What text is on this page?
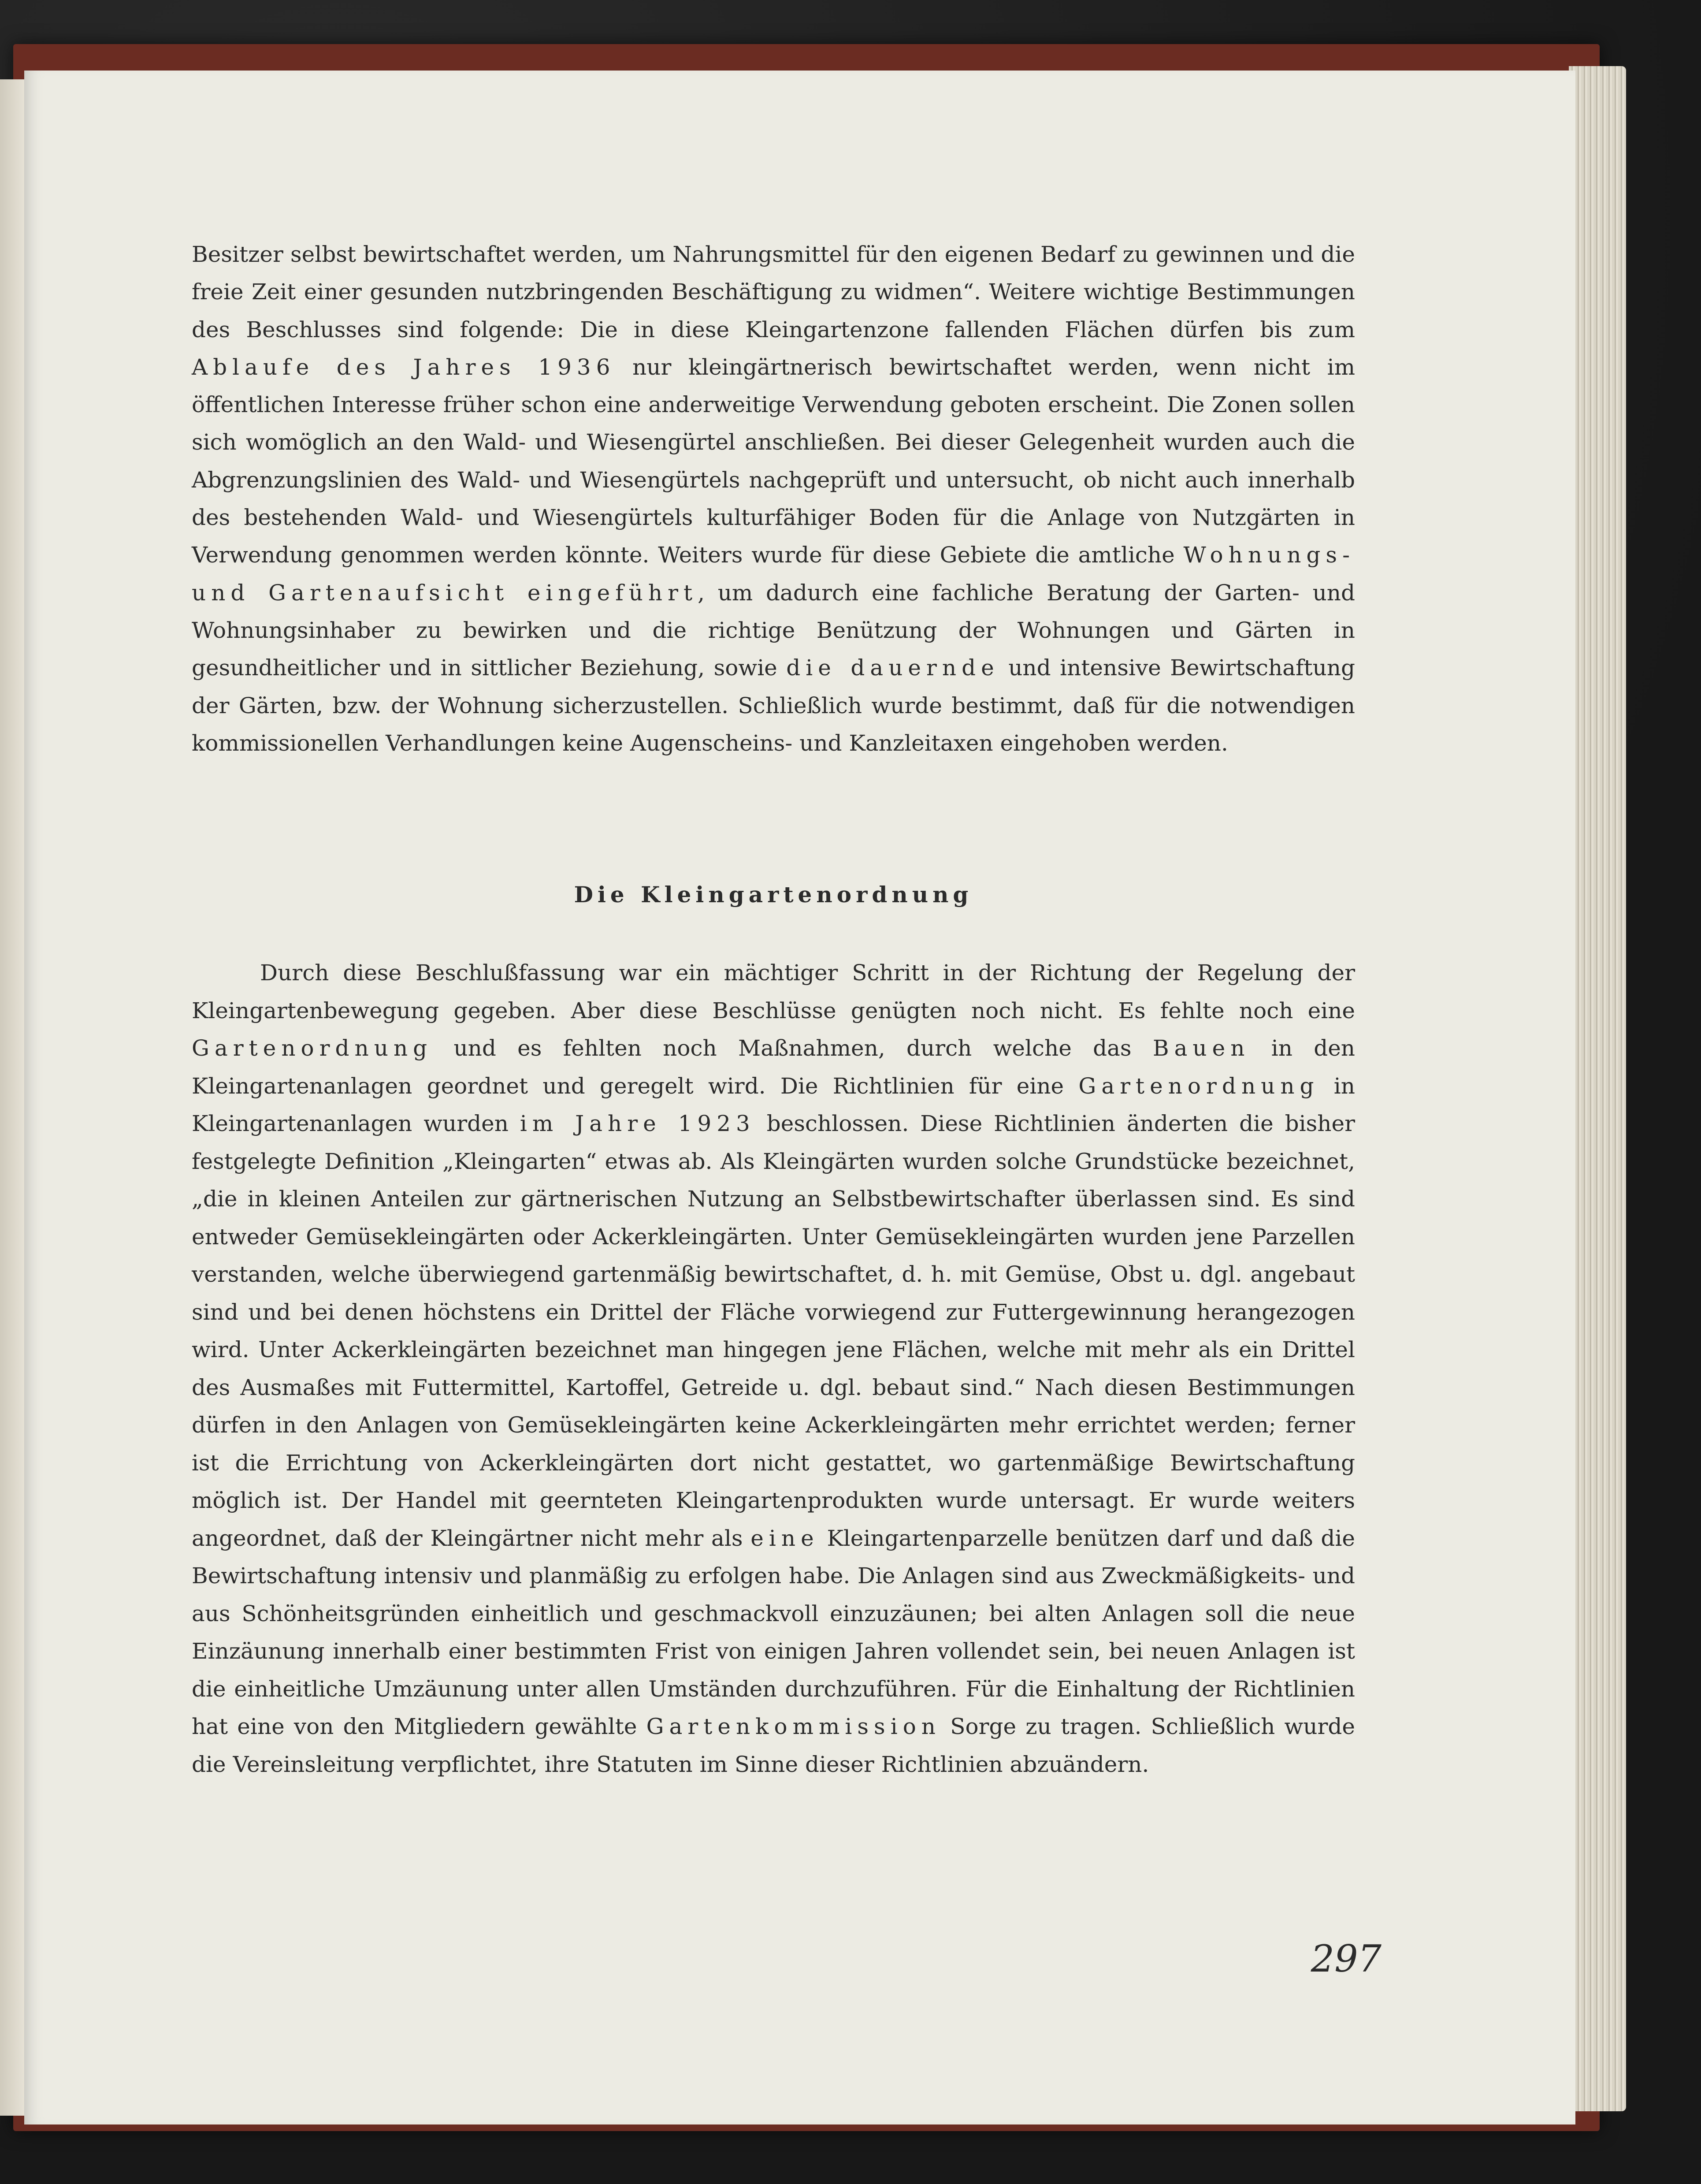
Besitzer selbst bewirtschaftet werden, um Nahrungsmittel für den eigenen Bedarf zu gewinnen und die freie Zeit einer gesunden nutzbringenden Beschäftigung zu widmen“. Weitere wichtige Bestimmungen des Beschlusses sind folgende: Die in diese Kleingartenzone fallenden Flächen dürfen bis zum Ablaufe des Jahres 1936 nur kleingärtnerisch bewirtschaftet werden, wenn nicht im öffentlichen Interesse früher schon eine anderweitige Verwendung geboten erscheint. Die Zonen sollen sich womöglich an den Wald- und Wiesengürtel anschließen. Bei dieser Gelegenheit wurden auch die Abgrenzungslinien des Wald- und Wiesengürtels nachgeprüft und untersucht, ob nicht auch innerhalb des bestehenden Wald- und Wiesengürtels kulturfähiger Boden für die Anlage von Nutzgärten in Verwendung genommen werden könnte. Weiters wurde für diese Gebiete die amtliche Wohnungs- und Gartenaufsicht eingeführt, um dadurch eine fachliche Beratung der Garten- und Wohnungsinhaber zu bewirken und die richtige Benützung der Wohnungen und Gärten in gesundheitlicher und in sittlicher Beziehung, sowie die dauernde und intensive Bewirtschaftung der Gärten, bzw. der Wohnung sicherzustellen. Schließlich wurde bestimmt, daß für die notwendigen kommissionellen Verhandlungen keine Augenscheins- und Kanzleitaxen eingehoben werden.

Die Kleingartenordnung

Durch diese Beschlußfassung war ein mächtiger Schritt in der Richtung der Regelung der Kleingartenbewegung gegeben. Aber diese Beschlüsse genügten noch nicht. Es fehlte noch eine Gartenordnung und es fehlten noch Maßnahmen, durch welche das Bauen in den Kleingartenanlagen geordnet und geregelt wird. Die Richtlinien für eine Gartenordnung in Kleingartenanlagen wurden im Jahre 1923 beschlossen. Diese Richtlinien änderten die bisher festgelegte Definition „Kleingarten“ etwas ab. Als Kleingärten wurden solche Grundstücke bezeichnet, „die in kleinen Anteilen zur gärtnerischen Nutzung an Selbstbewirtschafter überlassen sind. Es sind entweder Gemüsekleingärten oder Ackerkleingärten. Unter Gemüsekleingärten wurden jene Parzellen verstanden, welche überwiegend gartenmäßig bewirtschaftet, d. h. mit Gemüse, Obst u. dgl. angebaut sind und bei denen höchstens ein Drittel der Fläche vorwiegend zur Futtergewinnung herangezogen wird. Unter Ackerkleingärten bezeichnet man hingegen jene Flächen, welche mit mehr als ein Drittel des Ausmaßes mit Futtermittel, Kartoffel, Getreide u. dgl. bebaut sind.“ Nach diesen Bestimmungen dürfen in den Anlagen von Gemüsekleingärten keine Ackerkleingärten mehr errichtet werden; ferner ist die Errichtung von Ackerkleingärten dort nicht gestattet, wo gartenmäßige Bewirtschaftung möglich ist. Der Handel mit geernteten Kleingartenprodukten wurde untersagt. Er wurde weiters angeordnet, daß der Kleingärtner nicht mehr als eine Kleingartenparzelle benützen darf und daß die Bewirtschaftung intensiv und planmäßig zu erfolgen habe. Die Anlagen sind aus Zweckmäßigkeits- und aus Schönheitsgründen einheitlich und geschmackvoll einzuzäunen; bei alten Anlagen soll die neue Einzäunung innerhalb einer bestimmten Frist von einigen Jahren vollendet sein, bei neuen Anlagen ist die einheitliche Umzäunung unter allen Umständen durchzuführen. Für die Einhaltung der Richtlinien hat eine von den Mitgliedern gewählte Gartenkommission Sorge zu tragen. Schließlich wurde die Vereinsleitung verpflichtet, ihre Statuten im Sinne dieser Richtlinien abzuändern.

297
